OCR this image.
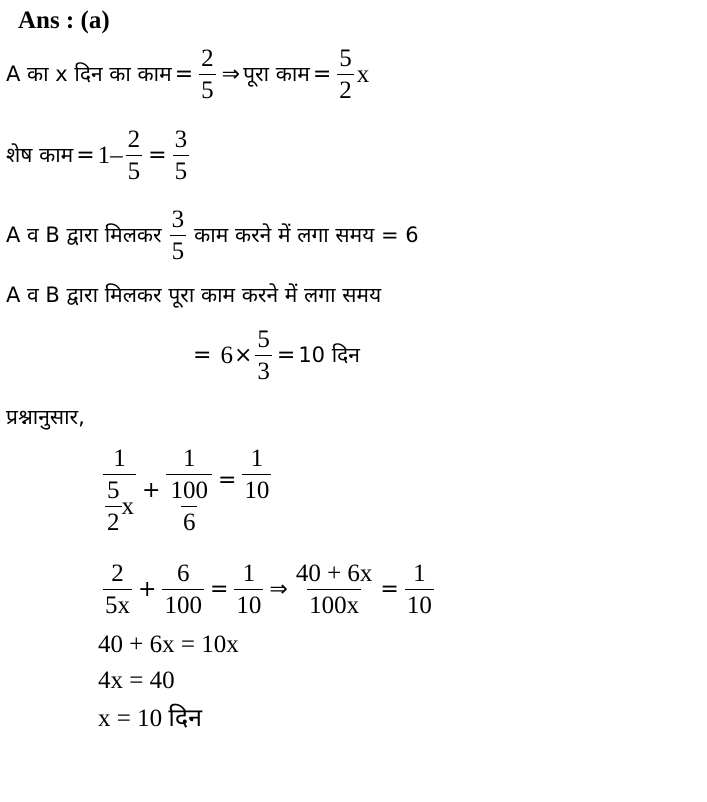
Ans : (a)
A का x दिन का काम = $\frac{2}{5}$ ⇒ पूरा काम = $\frac{5}{2}$ x
शेष काम = $1 - \frac{2}{5} = \frac{3}{5}$
A व B द्वारा मिलकर $\frac{3}{5}$ काम करने में लगा समय = 6
A व B द्वारा मिलकर पूरा काम करने में लगा समय
= $6 \times \frac{5}{3} = 10$ दिन
प्रश्नानुसार,
$\frac{1}{\frac{5}{2} x} + \frac{1}{\frac{100}{6}} = \frac{1}{10}$
$\frac{2}{5x} + \frac{6}{100} = \frac{1}{10}$ ⇒ $\frac{40 + 6x}{100x} = \frac{1}{10}$
40 + 6x = 10x
4x = 40
x = 10 दिन
